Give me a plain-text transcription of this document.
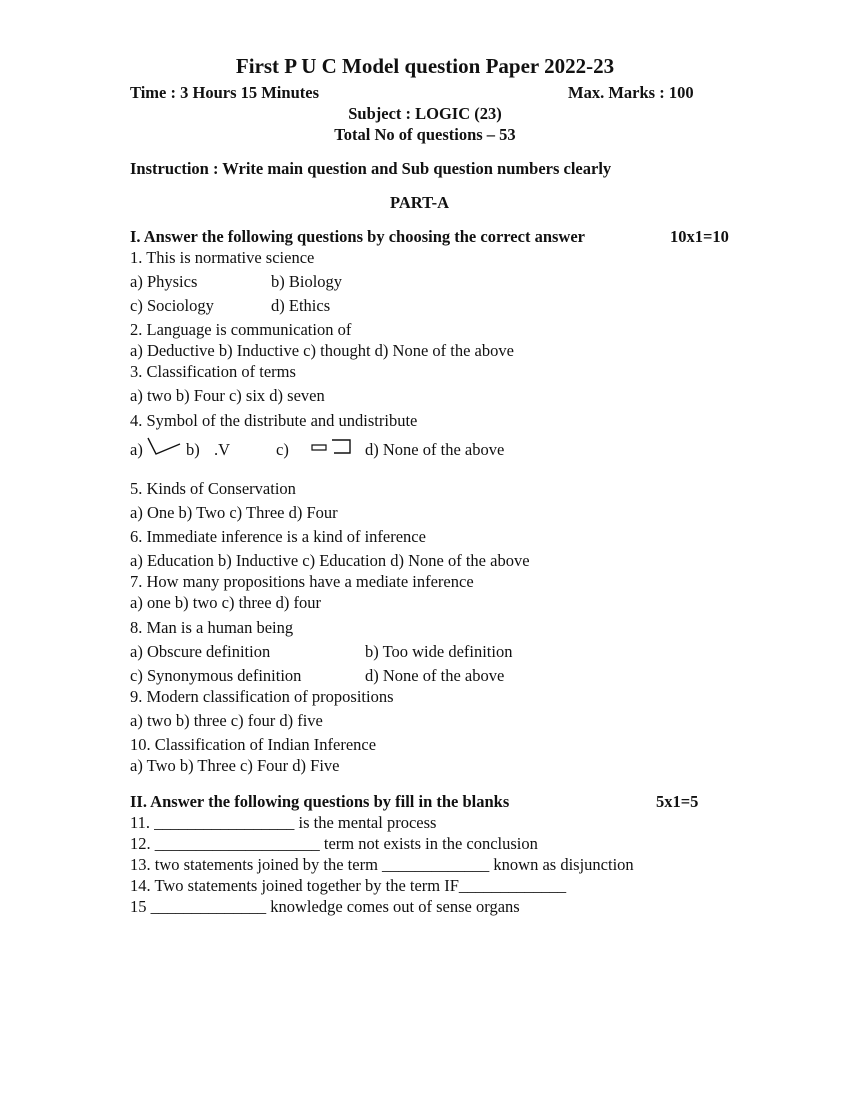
First P U C Model question Paper 2022-23
Time : 3 Hours 15 Minutes	Max. Marks : 100
Subject : LOGIC (23)
Total No of questions – 53
Instruction : Write main question and Sub question numbers clearly
PART-A
I. Answer the following questions by choosing the correct answer	10x1=10
1. This is normative science
a) Physics	b) Biology
c) Sociology	d) Ethics
2. Language is communication of
a) Deductive b) Inductive c) thought d) None of the above
3. Classification of terms
a) two b) Four c) six d) seven
4. Symbol of the distribute and undistribute
a)	b) .V	c)	d) None of the above
5. Kinds of Conservation
a) One b) Two c) Three d) Four
6. Immediate inference is a kind of inference
a) Education b) Inductive c) Education d) None of the above
7. How many propositions have a mediate inference
a) one b) two c) three d) four
8. Man is a human being
a) Obscure definition	b) Too wide definition
c) Synonymous definition	d) None of the above
9. Modern classification of propositions
a) two b) three c) four d) five
10. Classification of Indian Inference
a) Two b) Three c) Four d) Five
II. Answer the following questions by fill in the blanks	5x1=5
11. _________________ is the mental process
12. ____________________ term not exists in the conclusion
13. two statements joined by the term _____________ known as disjunction
14. Two statements joined together by the term IF_____________
15 ______________ knowledge comes out of sense organs
